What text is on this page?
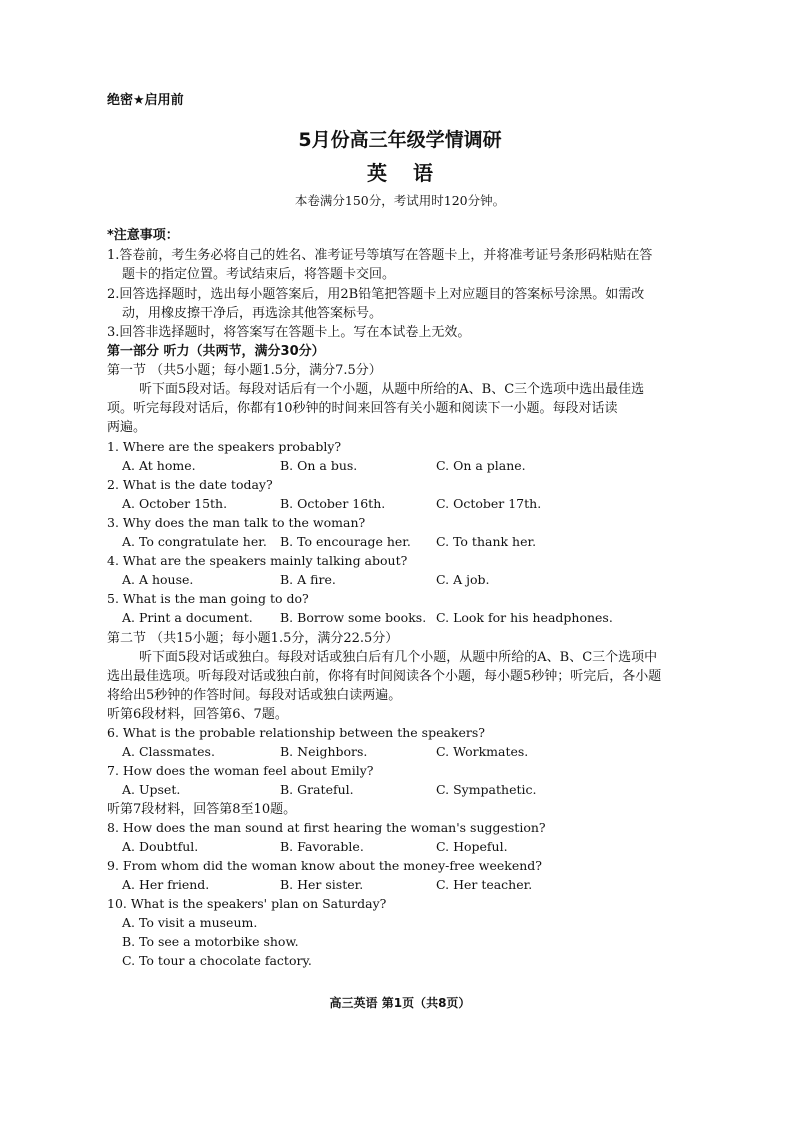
绝密★启用前
5月份高三年级学情调研
英语
本卷满分150分，考试用时120分钟。
*注意事项：
1.答卷前，考生务必将自己的姓名、准考证号等填写在答题卡上，并将准考证号条形码粘贴在答
题卡的指定位置。考试结束后，将答题卡交回。
2.回答选择题时，选出每小题答案后，用2B铅笔把答题卡上对应题目的答案标号涂黑。如需改
动，用橡皮擦干净后，再选涂其他答案标号。
3.回答非选择题时，将答案写在答题卡上。写在本试卷上无效。
第一部分 听力（共两节，满分30分）
第一节 （共5小题；每小题1.5分，满分7.5分）
听下面5段对话。每段对话后有一个小题，从题中所给的A、B、C三个选项中选出最佳选
项。听完每段对话后，你都有10秒钟的时间来回答有关小题和阅读下一小题。每段对话读
两遍。
1. Where are the speakers probably?
A. At home.	B. On a bus.	C. On a plane.
2. What is the date today?
A. October 15th.	B. October 16th.	C. October 17th.
3. Why does the man talk to the woman?
A. To congratulate her. B. To encourage her. C. To thank her.
4. What are the speakers mainly talking about?
A. A house.	B. A fire.	C. A job.
5. What is the man going to do?
A. Print a document. B. Borrow some books. C. Look for his headphones.
第二节 （共15小题；每小题1.5分，满分22.5分）
听下面5段对话或独白。每段对话或独白后有几个小题，从题中所给的A、B、C三个选项中
选出最佳选项。听每段对话或独白前，你将有时间阅读各个小题，每小题5秒钟；听完后，各小题
将给出5秒钟的作答时间。每段对话或独白读两遍。
听第6段材料，回答第6、7题。
6. What is the probable relationship between the speakers?
A. Classmates.	B. Neighbors.	C. Workmates.
7. How does the woman feel about Emily?
A. Upset.	B. Grateful.	C. Sympathetic.
听第7段材料，回答第8至10题。
8. How does the man sound at first hearing the woman's suggestion?
A. Doubtful.	B. Favorable.	C. Hopeful.
9. From whom did the woman know about the money-free weekend?
A. Her friend.	B. Her sister.	C. Her teacher.
10. What is the speakers' plan on Saturday?
A. To visit a museum.
B. To see a motorbike show.
C. To tour a chocolate factory.
高三英语 第1页（共8页）
